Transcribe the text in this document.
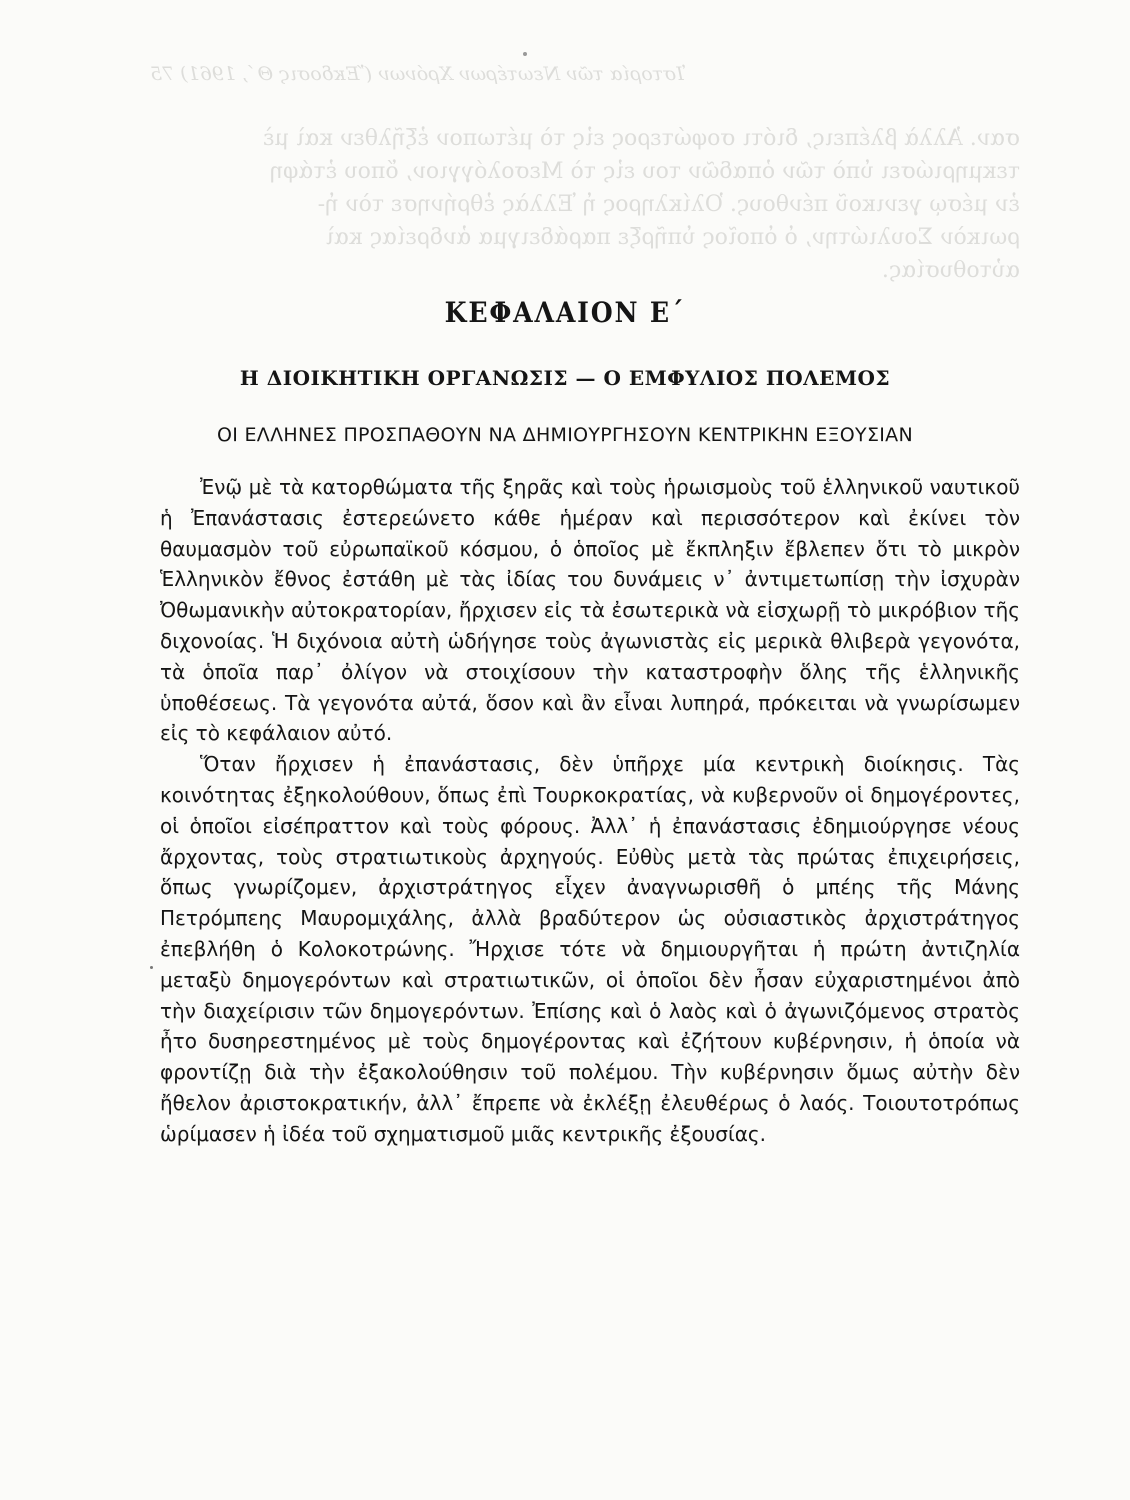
Ἱστορία τῶν Νεωτέρων Χρόνων (Ἔκδοσις Θ΄, 1961) 75
σαν. Ἀλλὰ βλέπεις, διότι σοφώτερος εἰς τὸ μέτωπον ἐξῆλθεν καὶ μὲ
τεκμηριώσει ὑπὸ τῶν ὀπαδῶν του εἰς τὸ Μεσολόγγιον, ὅπου ἐτάφη
ἐν μέσῳ γενικοῦ πένθους. Ὀλίκληρος ἡ Ἑλλὰς ἐθρήνησε τὸν ἡ-
ρωικὸν Σουλιώτην, ὁ ὁποῖος ὑπῆρξε παράδειγμα ἀνδρείας καὶ
αὐτοθυσίας.
ΚΕΦΑΛΑΙΟΝ Ε΄
Η ΔΙΟΙΚΗΤΙΚΗ ΟΡΓΑΝΩΣΙΣ — Ο ΕΜΦΥΛΙΟΣ ΠΟΛΕΜΟΣ
ΟΙ ΕΛΛΗΝΕΣ ΠΡΟΣΠΑΘΟΥΝ ΝΑ ΔΗΜΙΟΥΡΓΗΣΟΥΝ ΚΕΝΤΡΙΚΗΝ ΕΞΟΥΣΙΑΝ

Ἐνῷ μὲ τὰ κατορθώματα τῆς ξηρᾶς καὶ τοὺς ἡρωισμοὺς τοῦ ἑλληνικοῦ ναυτικοῦ ἡ Ἐπανάστασις ἐστερεώνετο κάθε ἡμέραν καὶ περισσότερον καὶ ἐκίνει τὸν θαυμασμὸν τοῦ εὐρωπαϊκοῦ κόσμου, ὁ ὁποῖος μὲ ἔκπληξιν ἔβλεπεν ὅτι τὸ μικρὸν Ἑλληνικὸν ἔθνος ἐστάθη μὲ τὰς ἰδίας του δυνάμεις ν᾿ ἀντιμετωπίσῃ τὴν ἰσχυρὰν Ὀθωμανικὴν αὐτοκρατορίαν, ἤρχισεν εἰς τὰ ἐσωτερικὰ νὰ εἰσχωρῇ τὸ μικρόβιον τῆς διχονοίας. Ἡ διχόνοια αὐτὴ ὡδήγησε τοὺς ἀγωνιστὰς εἰς μερικὰ θλιβερὰ γεγονότα, τὰ ὁποῖα παρ᾿ ὀλίγον νὰ στοιχίσουν τὴν καταστροφὴν ὅλης τῆς ἑλληνικῆς ὑποθέσεως. Τὰ γεγονότα αὐτά, ὅσον καὶ ἂν εἶναι λυπηρά, πρόκειται νὰ γνωρίσωμεν εἰς τὸ κεφάλαιον αὐτό.

Ὅταν ἤρχισεν ἡ ἐπανάστασις, δὲν ὑπῆρχε μία κεντρικὴ διοίκησις. Τὰς κοινότητας ἐξηκολούθουν, ὅπως ἐπὶ Τουρκοκρατίας, νὰ κυβερνοῦν οἱ δημογέροντες, οἱ ὁποῖοι εἰσέπραττον καὶ τοὺς φόρους. Ἀλλ᾿ ἡ ἐπανάστασις ἐδημιούργησε νέους ἄρχοντας, τοὺς στρατιωτικοὺς ἀρχηγούς. Εὐθὺς μετὰ τὰς πρώτας ἐπιχειρήσεις, ὅπως γνωρίζομεν, ἀρχιστράτηγος εἶχεν ἀναγνωρισθῆ ὁ μπέης τῆς Μάνης Πετρόμπεης Μαυρομιχάλης, ἀλλὰ βραδύτερον ὡς οὐσιαστικὸς ἀρχιστράτηγος ἐπεβλήθη ὁ Κολοκοτρώνης. Ἤρχισε τότε νὰ δημιουργῆται ἡ πρώτη ἀντιζηλία μεταξὺ δημογερόντων καὶ στρατιωτικῶν, οἱ ὁποῖοι δὲν ἦσαν εὐχαριστημένοι ἀπὸ τὴν διαχείρισιν τῶν δημογερόντων. Ἐπίσης καὶ ὁ λαὸς καὶ ὁ ἀγωνιζόμενος στρατὸς ἦτο δυσηρεστημένος μὲ τοὺς δημογέροντας καὶ ἐζήτουν κυβέρνησιν, ἡ ὁποία νὰ φροντίζῃ διὰ τὴν ἐξακολούθησιν τοῦ πολέμου. Τὴν κυβέρνησιν ὅμως αὐτὴν δὲν ἤθελον ἀριστοκρατικήν, ἀλλ᾿ ἔπρεπε νὰ ἐκλέξῃ ἐλευθέρως ὁ λαός. Τοιουτοτρόπως ὡρίμασεν ἡ ἰδέα τοῦ σχηματισμοῦ μιᾶς κεντρικῆς ἐξουσίας.
